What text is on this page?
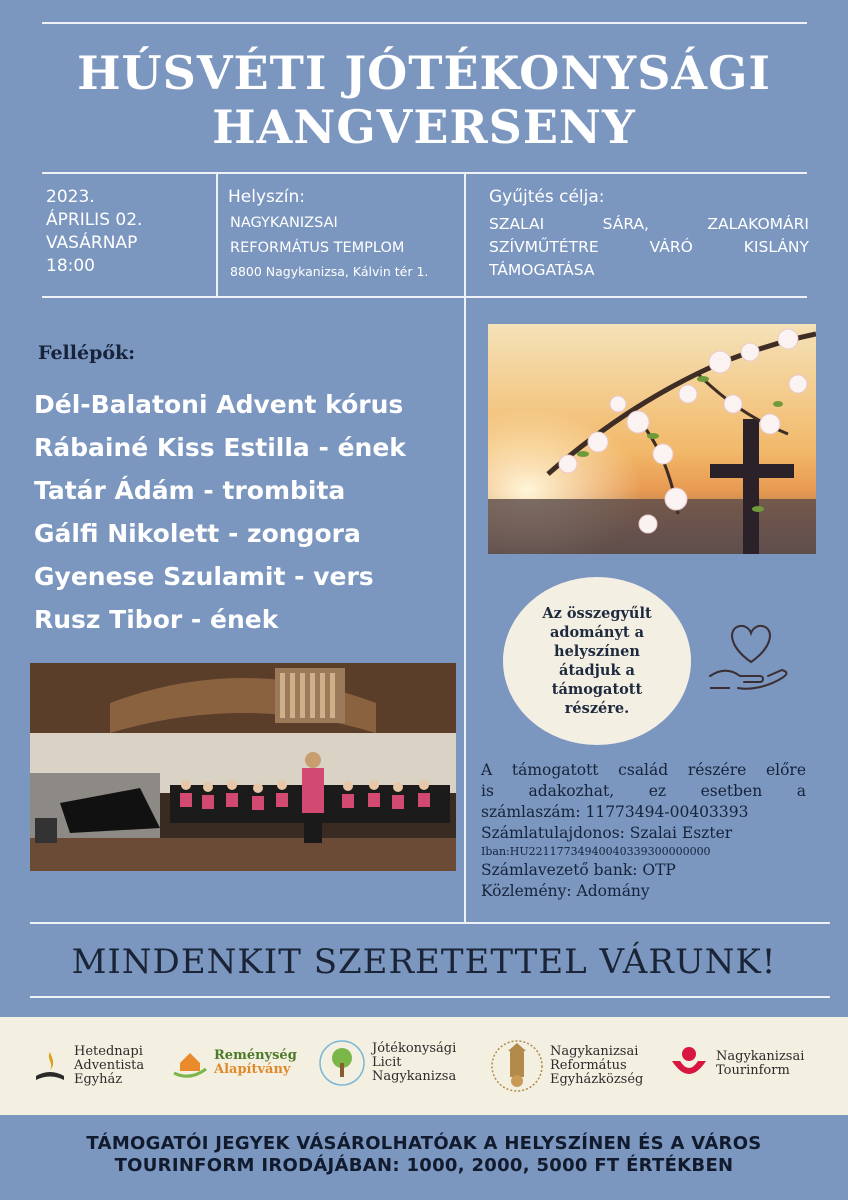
HÚSVÉTI JÓTÉKONYSÁGI
HANGVERSENY
2023.
ÁPRILIS 02.
VASÁRNAP
18:00
Helyszín:
NAGYKANIZSAI
REFORMÁTUS TEMPLOM
8800 Nagykanizsa, Kálvin tér 1.
Gyűjtés célja:
SZALAI SÁRA, ZALAKOMÁRI
SZÍVMŰTÉTRE VÁRÓ KISLÁNY
TÁMOGATÁSA
Fellépők:
Dél-Balatoni Advent kórus
Rábainé Kiss Estilla - ének
Tatár Ádám - trombita
Gálfi Nikolett - zongora
Gyenese Szulamit - vers
Rusz Tibor - ének	Az összegyűlt adományt a helyszínen átadjuk a támogatott részére.
A támogatott család részére előre
is adakozhat, ez esetben a
számlaszám: 11773494-00403393
Számlatulajdonos: Szalai Eszter
Iban:HU22117734940040339300000000
Számlavezető bank: OTP
Közlemény: Adomány
MINDENKIT SZERETETTEL VÁRUNK!
Hetednapi
Adventista
Egyház
Reménység
Alapítvány
Jótékonysági
Licit
Nagykanizsa
Nagykanizsai
Református
Egyházközség
Nagykanizsai
Tourinform
TÁMOGATÓI JEGYEK VÁSÁROLHATÓAK A HELYSZÍNEN ÉS A VÁROS
TOURINFORM IRODÁJÁBAN: 1000, 2000, 5000 FT ÉRTÉKBEN
